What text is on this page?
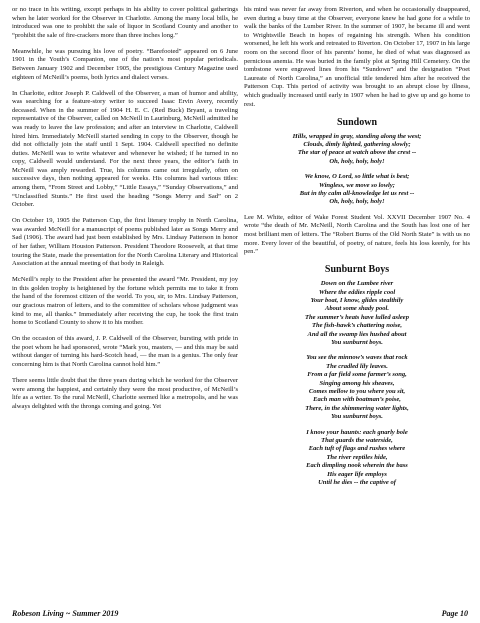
or no trace in his writing, except perhaps in his ability to cover political gatherings when he later worked for the Observer in Charlotte. Among the many local bills, he introduced was one to prohibit the sale of liquor in Scotland County and another to “prohibit the sale of fire-crackers more than three inches long.”

Meanwhile, he was pursuing his love of poetry. “Barefooted” appeared on 6 June 1901 in the Youth’s Companion, one of the nation’s most popular periodicals. Between January 1902 and December 1905, the prestigious Century Magazine used eighteen of McNeill’s poems, both lyrics and dialect verses.

In Charlotte, editor Joseph P. Caldwell of the Observer, a man of humor and ability, was searching for a feature-story writer to succeed Isaac Ervin Avery, recently deceased. When in the summer of 1904 H. E. C. (Red Buck) Bryant, a traveling representative of the Observer, called on McNeill in Laurinburg, McNeill admitted he was ready to leave the law profession; and after an interview in Charlotte, Caldwell hired him. Immediately McNeill started sending in copy to the Observer, though he did not officially join the staff until 1 Sept. 1904. Caldwell specified no definite duties. McNeill was to write whatever and whenever he wished; if he turned in no copy, Caldwell would understand. For the next three years, the editor’s faith in McNeill was amply rewarded. True, his columns came out irregularly, often on successive days, then nothing appeared for weeks. His columns had various titles: among them, “From Street and Lobby,” “Little Essays,” “Sunday Observations,” and “Unclassified Stunts.” He first used the heading “Songs Merry and Sad” on 2 October.

On October 19, 1905 the Patterson Cup, the first literary trophy in North Carolina, was awarded McNeill for a manuscript of poems published later as Songs Merry and Sad (1906). The award had just been established by Mrs. Lindsay Patterson in honor of her father, William Houston Patterson. President Theodore Roosevelt, at that time touring the State, made the presentation for the North Carolina Literary and Historical Association at the annual meeting of that body in Raleigh.

McNeill’s reply to the President after he presented the award “Mr. President, my joy in this golden trophy is heightened by the fortune which permits me to take it from the hand of the foremost citizen of the world. To you, sir, to Mrs. Lindsay Patterson, our gracious matron of letters, and to the committee of scholars whose judgment was kind to me, all thanks.” Immediately after receiving the cup, he took the first train home to Scotland County to show it to his mother.

On the occasion of this award, J. P. Caldwell of the Observer, bursting with pride in the poet whom he had sponsored, wrote “Mark you, masters, — and this may be said without danger of turning his hard-Scotch head, — the man is a genius. The only fear concerning him is that North Carolina cannot hold him.”

There seems little doubt that the three years during which he worked for the Observer were among the happiest, and certainly they were the most productive, of McNeill’s life as a writer. To the rural McNeill, Charlotte seemed like a metropolis, and he was always delighted with the throngs coming and going. Yet

his mind was never far away from Riverton, and when he occasionally disappeared, even during a busy time at the Observer, everyone knew he had gone for a while to walk the banks of the Lumber River. In the summer of 1907, he became ill and went to Wrightsville Beach in hopes of regaining his strength. When his condition worsened, he left his work and retreated to Riverton. On October 17, 1907 in his large room on the second floor of his parents’ home, he died of what was diagnosed as pernicious anemia. He was buried in the family plot at Spring Hill Cemetery. On the tombstone were engraved lines from his “Sundown” and the designation “Poet Laureate of North Carolina,” an unofficial title tendered him after he received the Patterson Cup. This period of activity was brought to an abrupt close by illness, which gradually increased until early in 1907 when he had to give up and go home to rest.

Sundown

Hills, wrapped in gray, standing along the west;

Clouds, dimly lighted, gathering slowly;

The star of peace at watch above the crest --

Oh, holy, holy, holy!

We know, O Lord, so little what is best;

Wingless, we move so lowly;

But in thy calm all-knowledge let us rest --

Oh, holy, holy, holy!

Lee M. White, editor of Wake Forest Student Vol. XXVII December 1907 No. 4 wrote “the death of Mr. McNeill, North Carolina and the South has lost one of her most brilliant men of letters. The “Robert Burns of the Old North State” is with us no more. Every lover of the beautiful, of poetry, of nature, feels his loss keenly, for his pen.”

Sunburnt Boys

Down on the Lumbee river

Where the eddies ripple cool

Your boat, I know, glides stealthily

About some shady pool.

The summer’s heats have lulled asleep

The fish-hawk’s chattering noise,

And all the swamp lies hushed about

You sunburnt boys.

You see the minnow’s waves that rock

The cradled lily leaves.

From a far field some farmer’s song,

Singing among his sheaves,

Comes mellow to you where you sit,

Each man with boatman’s poise,

There, in the shimmering water lights,

You sunburnt boys.

I know your haunts: each gnarly bole

That guards the waterside,

Each tuft of flags and rushes where

The river reptiles hide,

Each dimpling nook wherein the bass

His eager life employs

Until he dies -- the captive of

Robeson Living ~ Summer 2019	Page 10
